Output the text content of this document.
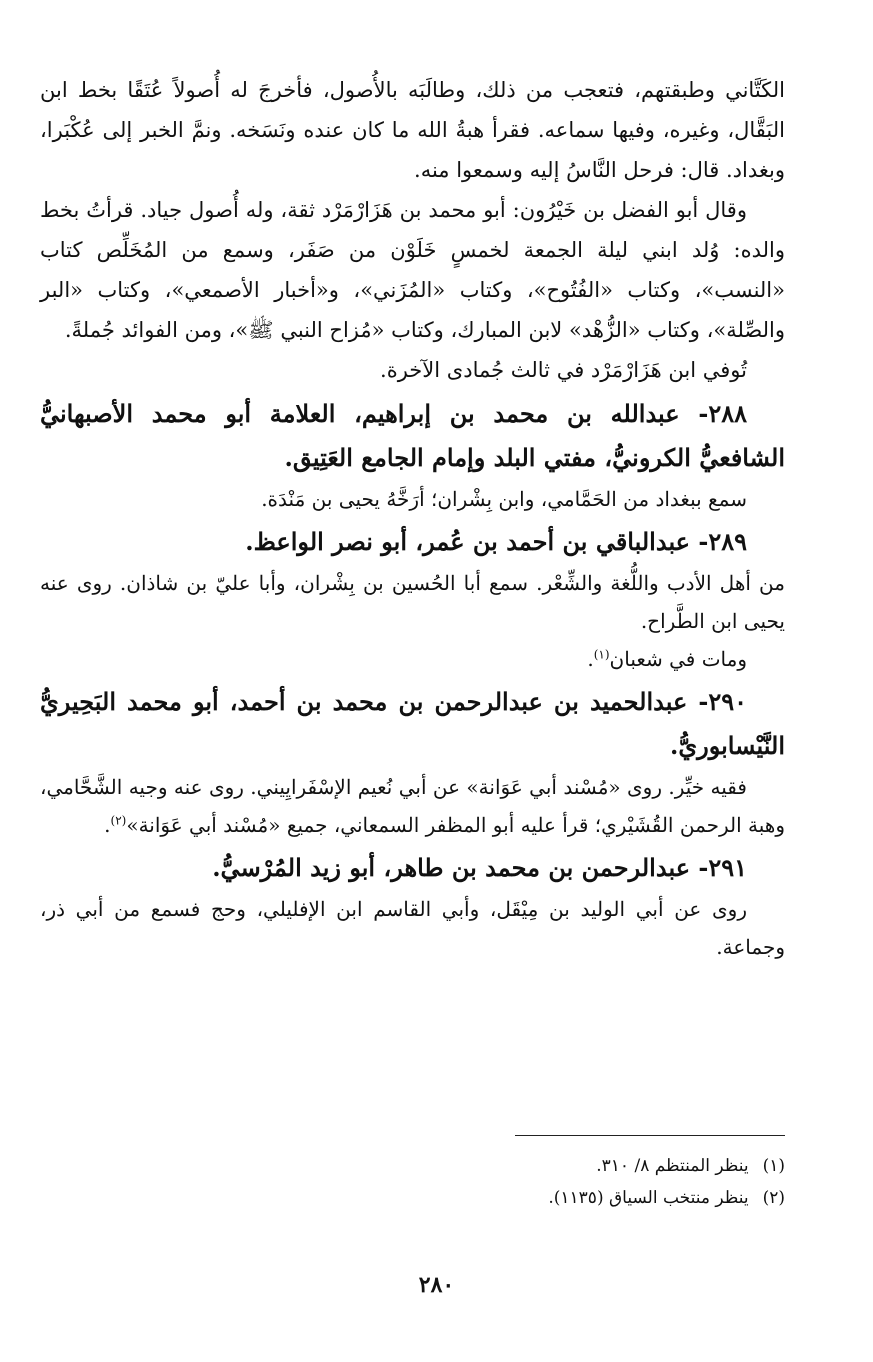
الكَتَّاني وطبقتهم، فتعجب من ذلك، وطالَبَه بالأُصول، فأخرجَ له أُصولاً عُتَقًا بخط ابن البَقَّال، وغيره، وفيها سماعه. فقرأ هبةُ الله ما كان عنده ونَسَخه. ونمَّ الخبر إلى عُكْبَرا، وبغداد. قال: فرحل النَّاسُ إليه وسمعوا منه.

وقال أبو الفضل بن خَيْرُون: أبو محمد بن هَزَارْمَرْد ثقة، وله أُصول جياد. قرأتُ بخط والده: وُلد ابني ليلة الجمعة لخمسٍ خَلَوْن من صَفَر، وسمع من المُخَلِّص كتاب «النسب»، وكتاب «الفُتُوح»، وكتاب «المُزَني»، و«أخبار الأصمعي»، وكتاب «البر والصِّلة»، وكتاب «الزُّهْد» لابن المبارك، وكتاب «مُزاح النبي ﷺ»، ومن الفوائد جُملةً.

تُوفي ابن هَزَارْمَرْد في ثالث جُمادى الآخرة.

٢٨٨- عبدالله بن محمد بن إبراهيم، العلامة أبو محمد الأصبهانيُّ الشافعيُّ الكرونيُّ، مفتي البلد وإمام الجامع العَتِيق.

سمع ببغداد من الحَمَّامي، وابن بِشْران؛ أرَخَّهُ يحيى بن مَنْدَة.

٢٨٩- عبدالباقي بن أحمد بن عُمر، أبو نصر الواعظ.

من أهل الأدب واللُّغة والشِّعْر. سمع أبا الحُسين بن بِشْران، وأبا عليّ بن شاذان. روى عنه يحيى ابن الطَّراح.

ومات في شعبان$^{(١)}$.

٢٩٠- عبدالحميد بن عبدالرحمن بن محمد بن أحمد، أبو محمد البَحِيريُّ النَّيْسابوريُّ.

فقيه خيِّر. روى «مُسْند أبي عَوَانة» عن أبي نُعيم الإسْفَرايِيني. روى عنه وجيه الشَّحَّامي، وهبة الرحمن القُشَيْري؛ قرأ عليه أبو المظفر السمعاني، جميع «مُسْند أبي عَوَانة»$^{(٢)}$.

٢٩١- عبدالرحمن بن محمد بن طاهر، أبو زيد المُرْسيُّ.

روى عن أبي الوليد بن مِيْقَل، وأبي القاسم ابن الإفليلي، وحج فسمع من أبي ذر، وجماعة.

(١)ينظر المنتظم ٨/ ٣١٠.
(٢)ينظر منتخب السياق (١١٣٥).
٢٨٠
